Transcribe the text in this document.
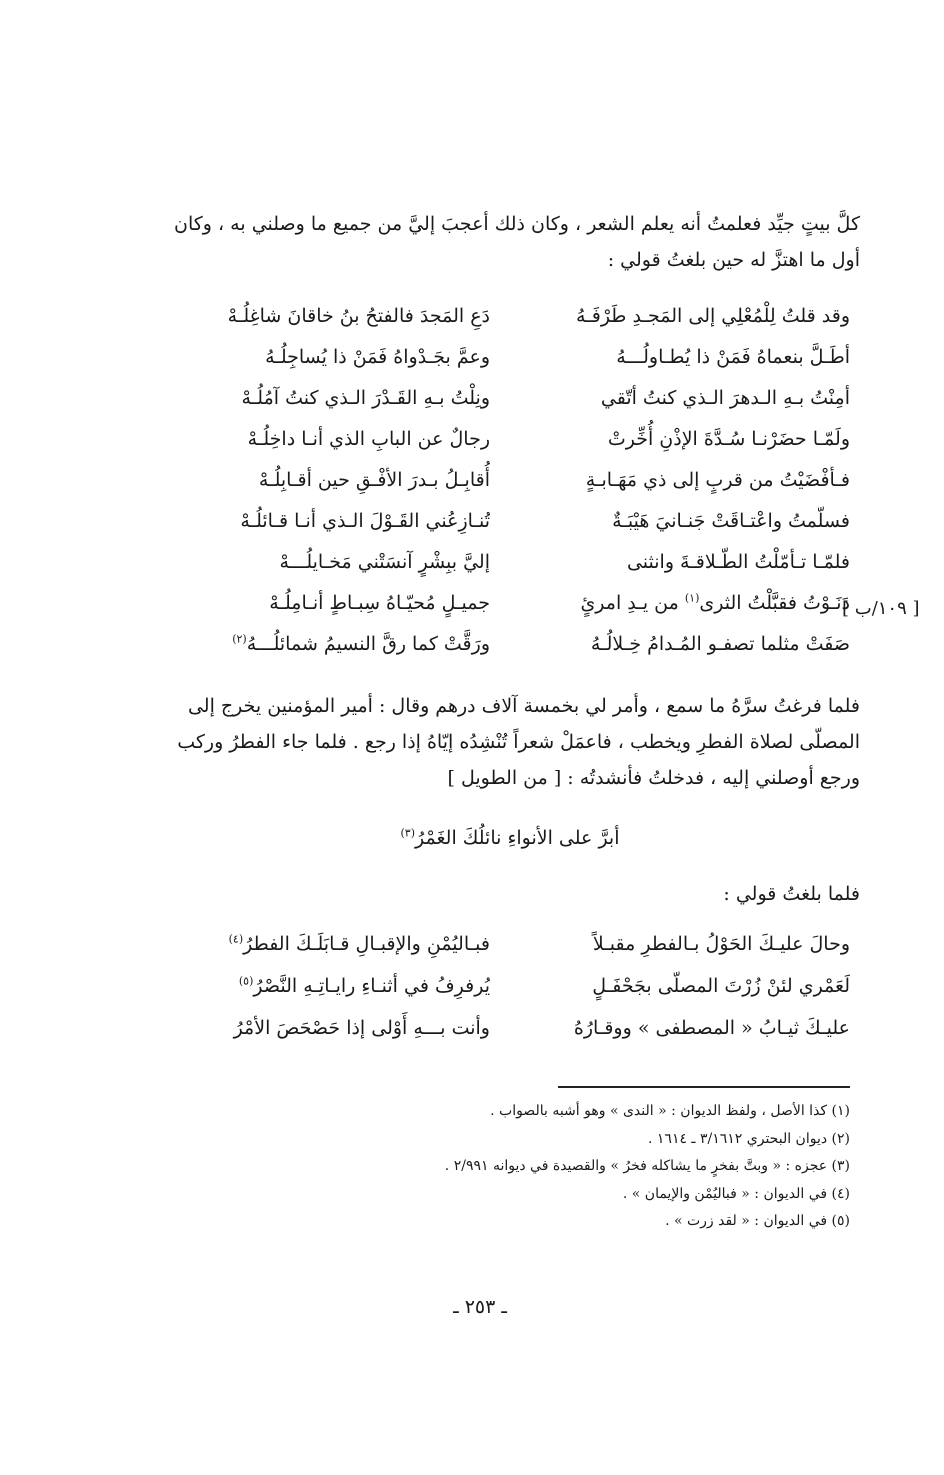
كلَّ بيتٍ جيِّد فعلمتُ أنه يعلم الشعر ، وكان ذلك أعجبَ إليَّ من جميع ما وصلني به ، وكان
أول ما اهتزَّ له حين بلغتُ قولي :

وقد قلتُ لِلْمُعْلِي إلى المَجـدِ طَرْفَـهُ
دَعِ المَجدَ فالفتحُ بنُ خاقانَ شاغِلُـهْ
أطَـلَّ بنعماهُ فَمَنْ ذا يُطـاولُـــهُ
وعمَّ بجَـدْواهُ فَمَنْ ذا يُساجِلُـهُ
أمِنْتُ بـهِ الـدهرَ الـذي كنتُ أتّقي
ونِلْتُ بـهِ القَـدْرَ الـذي كنتُ آمُلُـهْ
ولَمّـا حضَرْنـا سُـدَّةَ الإذْنِ أُخِّرتْ
رجالٌ عن البابِ الذي أنـا داخِلُـهْ
فـأفْضَيْتُ من قربٍ إلى ذي مَهَـابـةٍ
أُقابِـلُ بـدرَ الأفْـقِ حين أقـابِلُـهْ
فسلّمتُ واعْتـاقَتْ جَنـانيَ هَيْبَـةٌ
تُنـازِعُني القَـوْلَ الـذي أنـا قـائلُـهْ
فلمّـا تـأمّلْتُ الطّـلاقـةَ وانثنى
إليَّ ببِشْرٍ آنسَتْني مَخـايلُـــهْ
دَنَـوْتُ فقبَّلْتُ الثرى$^{(١)}$ من يـدِ امرئٍ
جميـلٍ مُحيّـاهُ سِبـاطٍ أنـامِلُـهْ
صَفَتْ مثلما تصفـو المُـدامُ خِـلالُـهُ
ورَقَّتْ كما رقَّ النسيمُ شمائلُـــهُ$^{(٢)}$
[ ١٠٩/ب ]

فلما فرغتُ سرَّهُ ما سمع ، وأمر لي بخمسة آلاف درهم وقال : أمير المؤمنين يخرج إلى
المصلّى لصلاة الفطرِ ويخطب ، فاعمَلْ شعراً تُنْشِدُه إيّاهُ إذا رجع . فلما جاء الفطرُ وركب
ورجع أوصلني إليه ، فدخلتُ فأنشدتُه : [ من الطويل ]

أبرَّ على الأنواءِ نائلُكَ الغَمْرُ$^{(٣)}$

فلما بلغتُ قولي :

وحالَ عليـكَ الحَوْلُ بـالفطرِ مقبـلاً
فبـاليُمْنِ والإقبـالِ قـابَلَـكَ الفطرُ$^{(٤)}$
لَعَمْري لئنْ زُرْتَ المصلّى بجَحْفَـلٍ
يُرفرِفُ في أثنـاءِ رايـاتِـهِ النَّصْرُ$^{(٥)}$
عليـكَ ثيـابُ « المصطفى » ووقـارُهُ
وأنت بـــهِ أَوْلى إذا حَصْحَصَ الأمْرُ
(١) كذا الأصل ، ولفظ الديوان : « الندى » وهو أشبه بالصواب .
(٢) ديوان البحتري ٣/١٦١٢ ـ ١٦١٤ .
(٣) عجزه : « وبتَّ بفخرٍ ما يشاكله فخرُ » والقصيدة في ديوانه ٢/٩٩١ .
(٤) في الديوان : « فباليُمْن والإيمان » .
(٥) في الديوان : « لقد زرت » .
ـ ٢٥٣ ـ
